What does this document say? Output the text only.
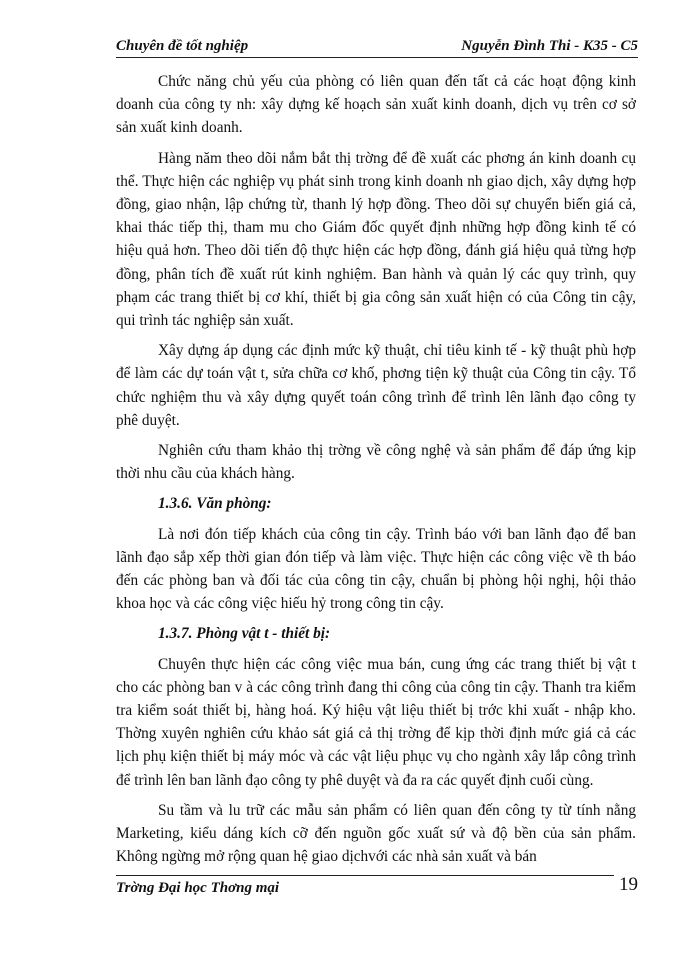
Chuyên đề tốt nghiệp	Nguyễn Đình Thi - K35 - C5

Chức năng chủ yếu của phòng có liên quan đến tất cả các hoạt động kinh doanh của công ty nh: xây dựng kế hoạch sản xuất kinh doanh, dịch vụ trên cơ sở sản xuất kinh doanh.

Hàng năm theo dõi nắm bắt thị trờng để đề xuất các phơng án kinh doanh cụ thể. Thực hiện các nghiệp vụ phát sinh trong kinh doanh nh giao dịch, xây dựng hợp đồng, giao nhận, lập chứng từ, thanh lý hợp đồng. Theo dõi sự chuyển biến giá cả, khai thác tiếp thị, tham mu cho Giám đốc quyết định những hợp đồng kinh tế có hiệu quả hơn. Theo dõi tiến độ thực hiện các hợp đồng, đánh giá hiệu quả từng hợp đồng, phân tích đề xuất rút kinh nghiệm. Ban hành và quản lý các quy trình, quy phạm các trang thiết bị cơ khí, thiết bị gia công sản xuất hiện có của Công tin cậy, qui trình tác nghiệp sản xuất.

Xây dựng áp dụng các định mức kỹ thuật, chỉ tiêu kinh tế - kỹ thuật phù hợp để làm các dự toán vật t, sửa chữa cơ khố, phơng tiện kỹ thuật của Công tin cậy. Tổ chức nghiệm thu và xây dựng quyết toán công trình để trình lên lãnh đạo công ty phê duyệt.

Nghiên cứu tham khảo thị trờng về công nghệ và sản phẩm để đáp ứng kịp thời nhu cầu của khách hàng.

1.3.6. Văn phòng:

Là nơi đón tiếp khách của công tin cậy. Trình báo với ban lãnh đạo để ban lãnh đạo sắp xếp thời gian đón tiếp và làm việc. Thực hiện các công việc về th báo đến các phòng ban và đối tác của công tin cậy, chuẩn bị phòng hội nghị, hội thảo khoa học và các công việc hiếu hỷ trong công tin cậy.

1.3.7. Phòng vật t - thiết bị:

Chuyên thực hiện các công việc mua bán, cung ứng các trang thiết bị vật t cho các phòng ban v à các công trình đang thi công của công tin cậy. Thanh tra kiểm tra kiểm soát thiết bị, hàng hoá. Ký hiệu vật liệu thiết bị trớc khi xuất - nhập kho. Thờng xuyên nghiên cứu khảo sát giá cả thị trờng để kịp thời định mức giá cả các lịch phụ kiện thiết bị máy móc và các vật liệu phục vụ cho ngành xây lắp công trình để trình lên ban lãnh đạo công ty phê duyệt và đa ra các quyết định cuối cùng.

Su tầm và lu trữ các mẫu sản phẩm có liên quan đến công ty từ tính nằng Marketing, kiểu dáng kích cỡ đến nguồn gốc xuất sứ và độ bền của sản phẩm. Không ngừng mở rộng quan hệ giao dịchvới các nhà sản xuất và bán

Trờng Đại học Thơng mại	19
